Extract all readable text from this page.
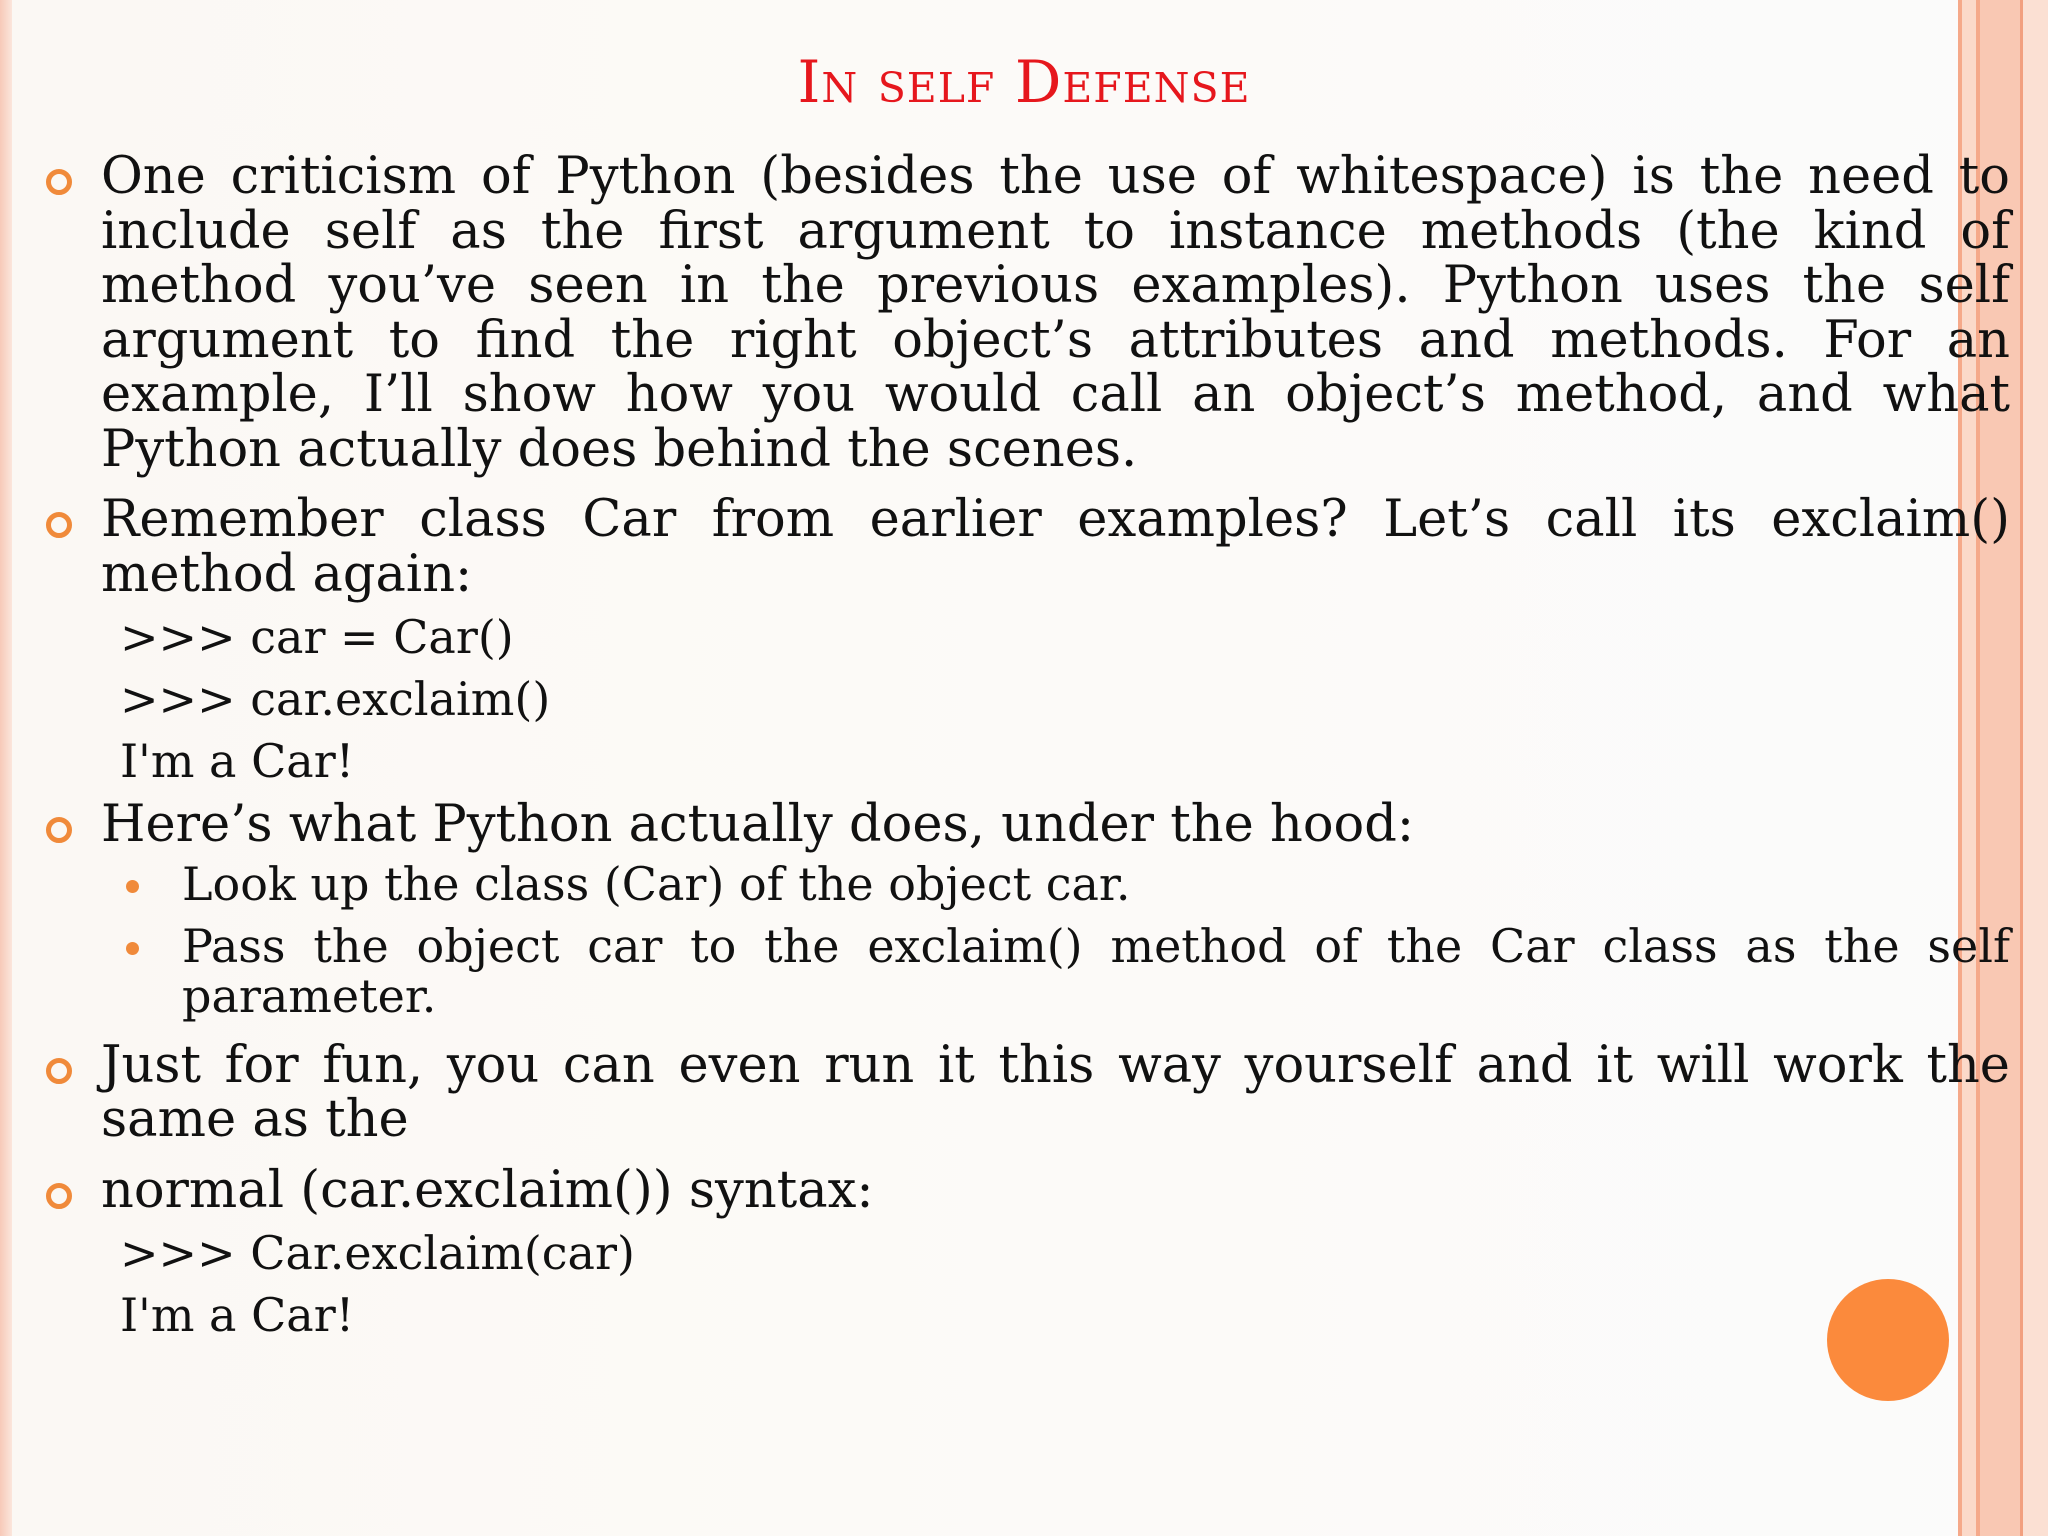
In self Defense
One criticism of Python (besides the use of whitespace) is the need to include self as the first argument to instance methods (the kind of method you’ve seen in the previous examples). Python uses the self argument to find the right object’s attributes and methods. For an example, I’ll show how you would call an object’s method, and what Python actually does behind the scenes.
Remember class Car from earlier examples? Let’s call its exclaim() method again:
>>> car = Car()
>>> car.exclaim()
I'm a Car!
Here’s what Python actually does, under the hood:
Look up the class (Car) of the object car.
Pass the object car to the exclaim() method of the Car class as the self parameter.
Just for fun, you can even run it this way yourself and it will work the same as the
normal (car.exclaim()) syntax:
>>> Car.exclaim(car)
I'm a Car!
